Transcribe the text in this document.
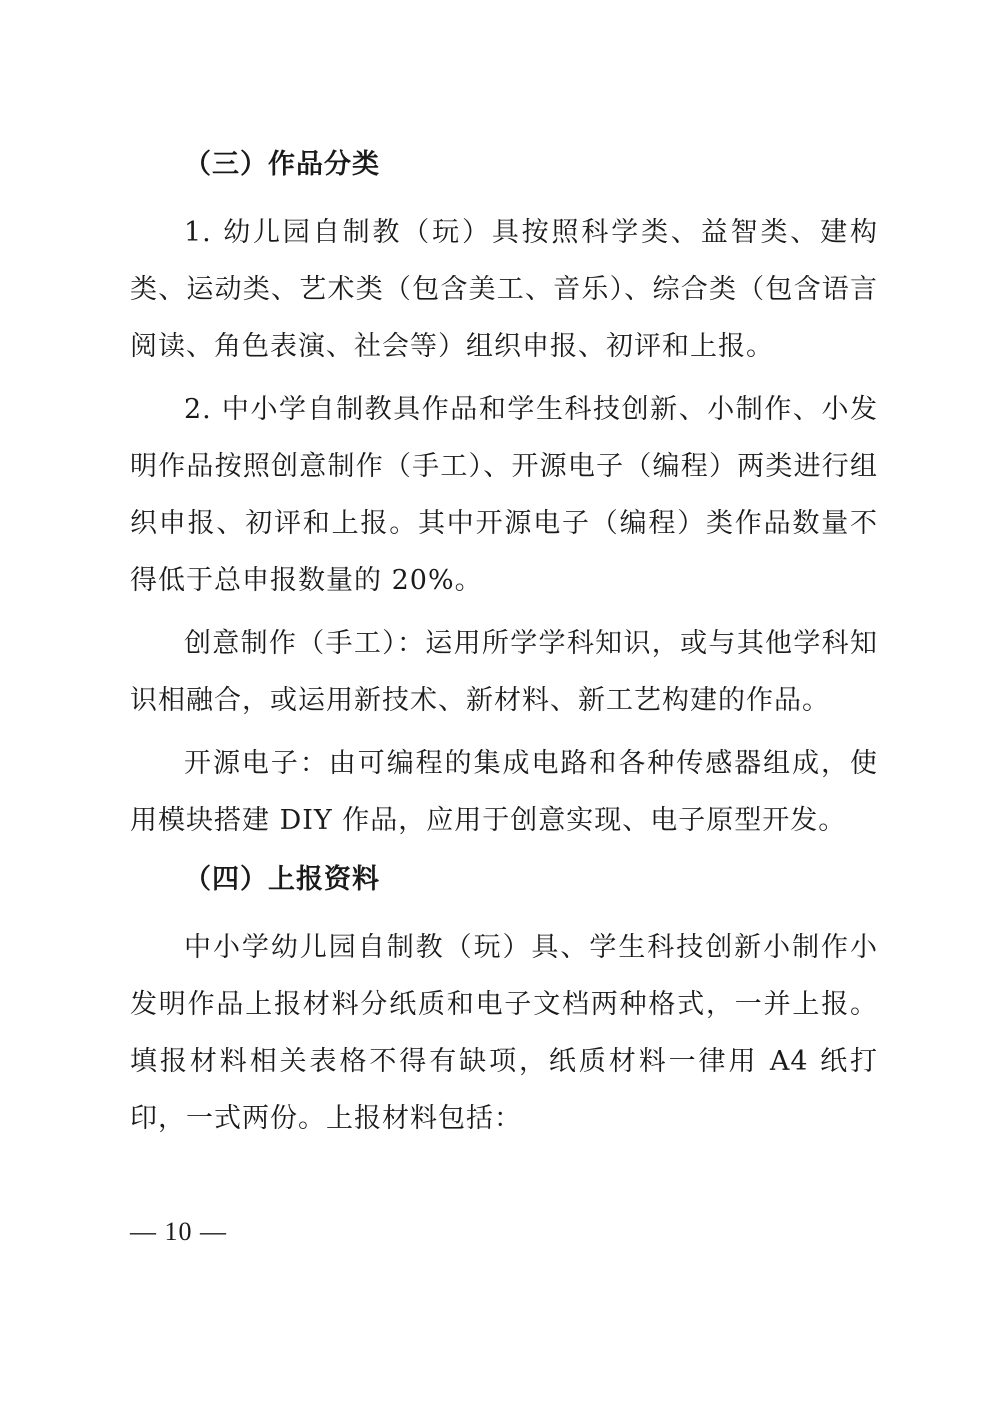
（三）作品分类

1. 幼儿园自制教（玩）具按照科学类、益智类、建构类、运动类、艺术类（包含美工、音乐）、综合类（包含语言阅读、角色表演、社会等）组织申报、初评和上报。

2. 中小学自制教具作品和学生科技创新、小制作、小发明作品按照创意制作（手工）、开源电子（编程）两类进行组织申报、初评和上报。其中开源电子（编程）类作品数量不得低于总申报数量的 20%。

创意制作（手工）：运用所学学科知识，或与其他学科知识相融合，或运用新技术、新材料、新工艺构建的作品。

开源电子：由可编程的集成电路和各种传感器组成，使用模块搭建 DIY 作品，应用于创意实现、电子原型开发。

（四）上报资料

中小学幼儿园自制教（玩）具、学生科技创新小制作小发明作品上报材料分纸质和电子文档两种格式，一并上报。填报材料相关表格不得有缺项，纸质材料一律用 A4 纸打印，一式两份。上报材料包括：

— 10 —
